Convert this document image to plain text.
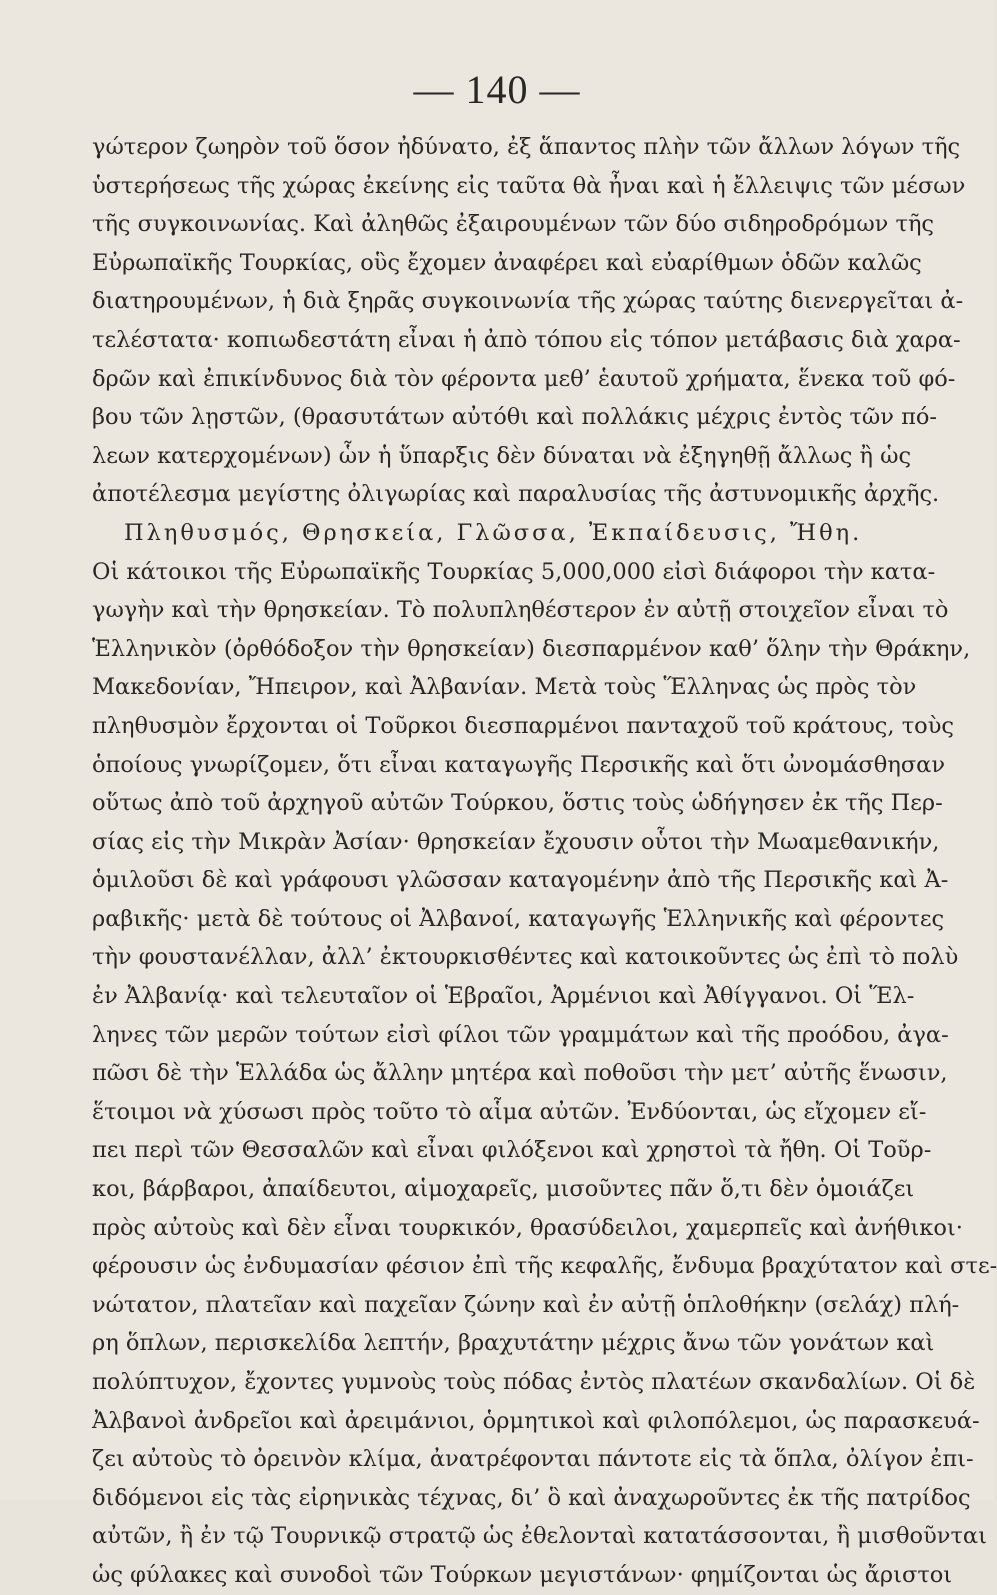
— 140 —
γώτερον ζωηρὸν τοῦ ὅσον ἠδύνατο, ἐξ ἅπαντος πλὴν τῶν ἄλλων λόγων τῆς
ὑστερήσεως τῆς χώρας ἐκείνης εἰς ταῦτα θὰ ἦναι καὶ ἡ ἔλλειψις τῶν μέσων
τῆς συγκοινωνίας. Καὶ ἀληθῶς ἐξαιρουμένων τῶν δύο σιδηροδρόμων τῆς
Εὐρωπαϊκῆς Τουρκίας, οὓς ἔχομεν ἀναφέρει καὶ εὐαρίθμων ὁδῶν καλῶς
διατηρουμένων, ἡ διὰ ξηρᾶς συγκοινωνία τῆς χώρας ταύτης διενεργεῖται ἀ-
τελέστατα· κοπιωδεστάτη εἶναι ἡ ἀπὸ τόπου εἰς τόπον μετάβασις διὰ χαρα-
δρῶν καὶ ἐπικίνδυνος διὰ τὸν φέροντα μεθ’ ἑαυτοῦ χρήματα, ἕνεκα τοῦ φό-
βου τῶν λῃστῶν, (θρασυτάτων αὐτόθι καὶ πολλάκις μέχρις ἐντὸς τῶν πό-
λεων κατερχομένων) ὧν ἡ ὕπαρξις δὲν δύναται νὰ ἐξηγηθῇ ἄλλως ἢ ὡς
ἀποτέλεσμα μεγίστης ὀλιγωρίας καὶ παραλυσίας τῆς ἀστυνομικῆς ἀρχῆς.
Πληθυσμός, Θρησκεία, Γλῶσσα, Ἐκπαίδευσις, Ἤθη.
Οἱ κάτοικοι τῆς Εὐρωπαϊκῆς Τουρκίας 5,000,000 εἰσὶ διάφοροι τὴν κατα-
γωγὴν καὶ τὴν θρησκείαν. Τὸ πολυπληθέστερον ἐν αὐτῇ στοιχεῖον εἶναι τὸ
Ἑλληνικὸν (ὀρθόδοξον τὴν θρησκείαν) διεσπαρμένον καθ’ ὅλην τὴν Θράκην,
Μακεδονίαν, Ἤπειρον, καὶ Ἀλβανίαν. Μετὰ τοὺς Ἕλληνας ὡς πρὸς τὸν
πληθυσμὸν ἔρχονται οἱ Τοῦρκοι διεσπαρμένοι πανταχοῦ τοῦ κράτους, τοὺς
ὁποίους γνωρίζομεν, ὅτι εἶναι καταγωγῆς Περσικῆς καὶ ὅτι ὠνομάσθησαν
οὕτως ἀπὸ τοῦ ἀρχηγοῦ αὐτῶν Τούρκου, ὅστις τοὺς ὡδήγησεν ἐκ τῆς Περ-
σίας εἰς τὴν Μικρὰν Ἀσίαν· θρησκείαν ἔχουσιν οὗτοι τὴν Μωαμεθανικήν,
ὁμιλοῦσι δὲ καὶ γράφουσι γλῶσσαν καταγομένην ἀπὸ τῆς Περσικῆς καὶ Ἀ-
ραβικῆς· μετὰ δὲ τούτους οἱ Ἀλβανοί, καταγωγῆς Ἑλληνικῆς καὶ φέροντες
τὴν φουστανέλλαν, ἀλλ’ ἐκτουρκισθέντες καὶ κατοικοῦντες ὡς ἐπὶ τὸ πολὺ
ἐν Ἀλβανίᾳ· καὶ τελευταῖον οἱ Ἑβραῖοι, Ἀρμένιοι καὶ Ἀθίγγανοι. Οἱ Ἕλ-
ληνες τῶν μερῶν τούτων εἰσὶ φίλοι τῶν γραμμάτων καὶ τῆς προόδου, ἀγα-
πῶσι δὲ τὴν Ἑλλάδα ὡς ἄλλην μητέρα καὶ ποθοῦσι τὴν μετ’ αὐτῆς ἕνωσιν,
ἕτοιμοι νὰ χύσωσι πρὸς τοῦτο τὸ αἷμα αὐτῶν. Ἐνδύονται, ὡς εἴχομεν εἴ-
πει περὶ τῶν Θεσσαλῶν καὶ εἶναι φιλόξενοι καὶ χρηστοὶ τὰ ἤθη. Οἱ Τοῦρ-
κοι, βάρβαροι, ἀπαίδευτοι, αἱμοχαρεῖς, μισοῦντες πᾶν ὅ,τι δὲν ὁμοιάζει
πρὸς αὐτοὺς καὶ δὲν εἶναι τουρκικόν, θρασύδειλοι, χαμερπεῖς καὶ ἀνήθικοι·
φέρουσιν ὡς ἐνδυμασίαν φέσιον ἐπὶ τῆς κεφαλῆς, ἔνδυμα βραχύτατον καὶ στε-
νώτατον, πλατεῖαν καὶ παχεῖαν ζώνην καὶ ἐν αὐτῇ ὁπλοθήκην (σελάχ) πλή-
ρη ὅπλων, περισκελίδα λεπτήν, βραχυτάτην μέχρις ἄνω τῶν γονάτων καὶ
πολύπτυχον, ἔχοντες γυμνοὺς τοὺς πόδας ἐντὸς πλατέων σκανδαλίων. Οἱ δὲ
Ἀλβανοὶ ἀνδρεῖοι καὶ ἀρειμάνιοι, ὁρμητικοὶ καὶ φιλοπόλεμοι, ὡς παρασκευά-
ζει αὐτοὺς τὸ ὀρεινὸν κλίμα, ἀνατρέφονται πάντοτε εἰς τὰ ὅπλα, ὀλίγον ἐπι-
διδόμενοι εἰς τὰς εἰρηνικὰς τέχνας, δι’ ὃ καὶ ἀναχωροῦντες ἐκ τῆς πατρίδος
αὐτῶν, ἢ ἐν τῷ Τουρνικῷ στρατῷ ὡς ἐθελονταὶ κατατάσσονται, ἢ μισθοῦνται
ὡς φύλακες καὶ συνοδοὶ τῶν Τούρκων μεγιστάνων· φημίζονται ὡς ἄριστοι
